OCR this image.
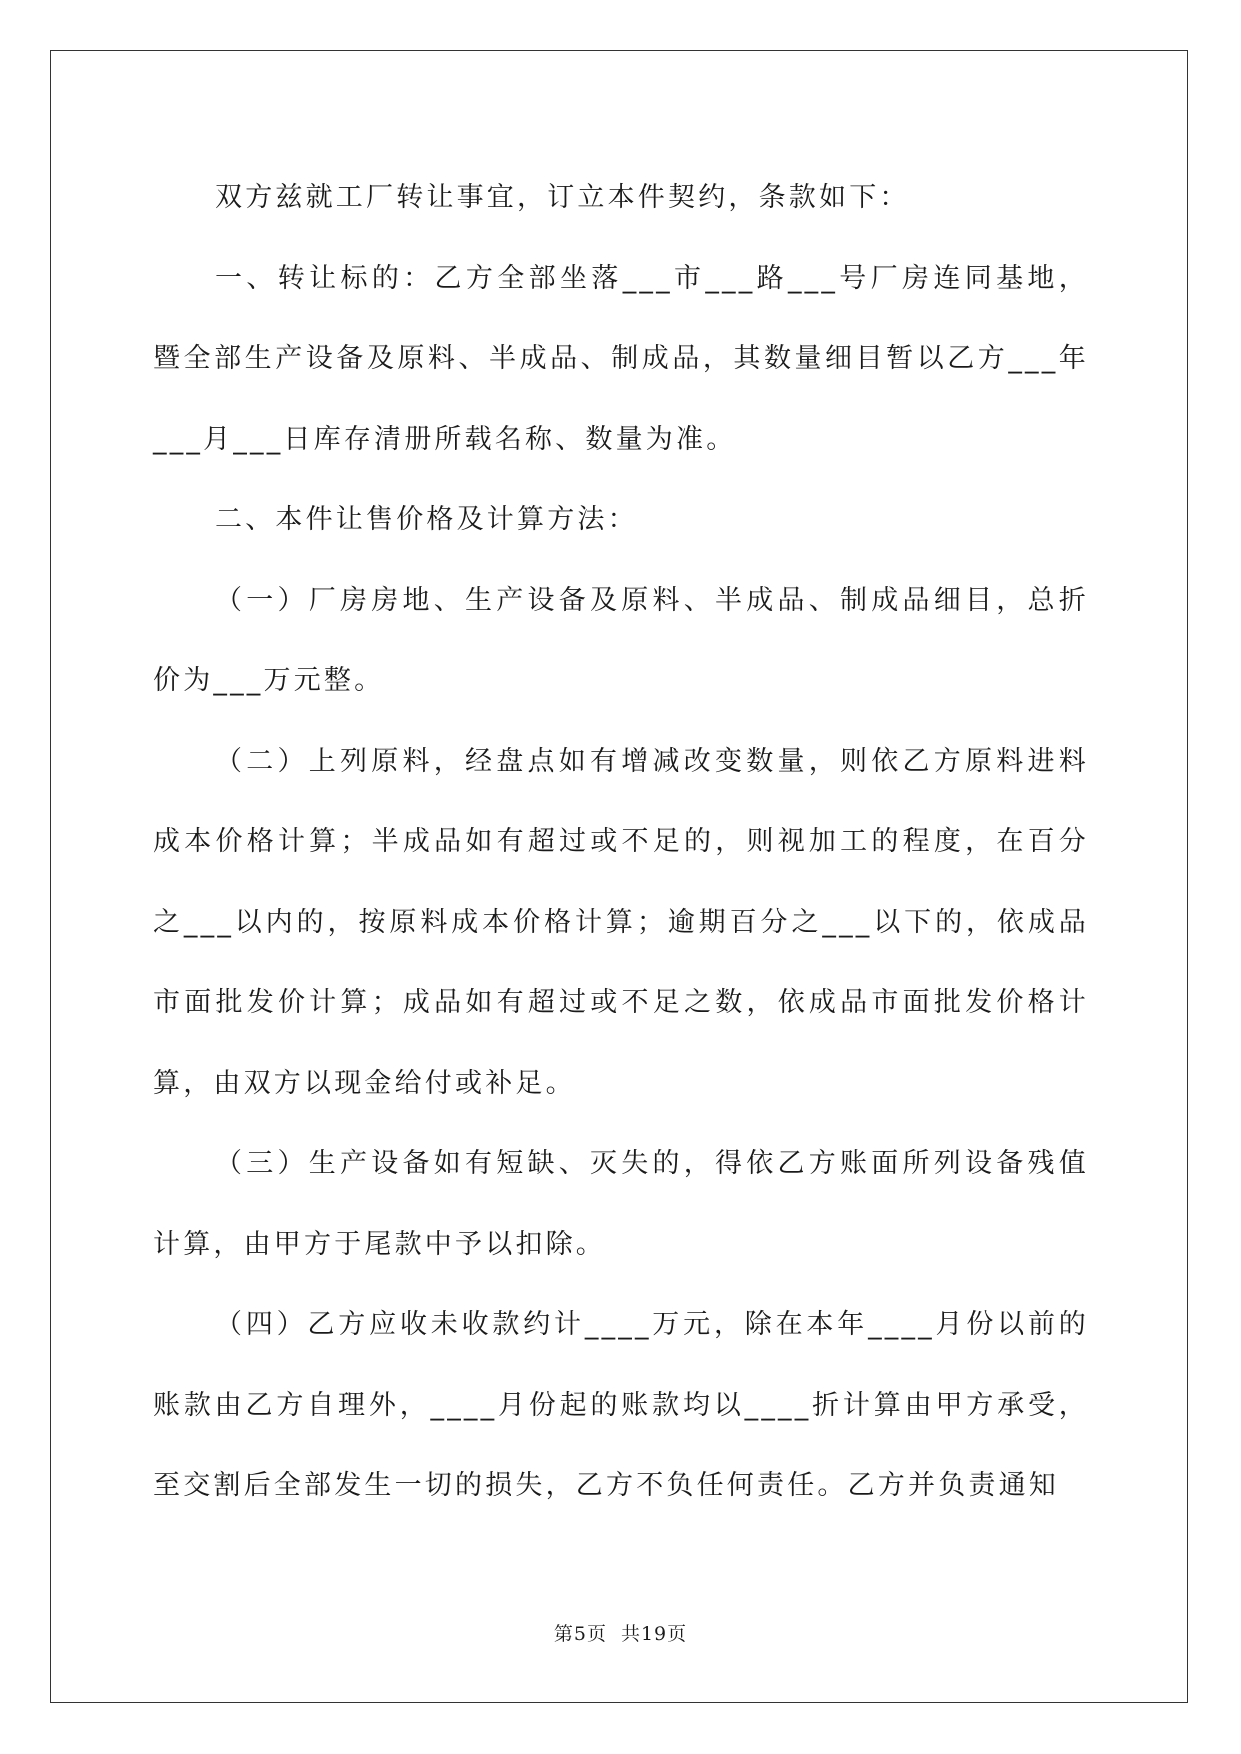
双方兹就工厂转让事宜，订立本件契约，条款如下：

一、转让标的：乙方全部坐落___市___路___号厂房连同基地，暨全部生产设备及原料、半成品、制成品，其数量细目暂以乙方___年___月___日库存清册所载名称、数量为准。

二、本件让售价格及计算方法：

（一）厂房房地、生产设备及原料、半成品、制成品细目，总折价为___万元整。

（二）上列原料，经盘点如有增减改变数量，则依乙方原料进料成本价格计算；半成品如有超过或不足的，则视加工的程度，在百分之___以内的，按原料成本价格计算；逾期百分之___以下的，依成品市面批发价计算；成品如有超过或不足之数，依成品市面批发价格计算，由双方以现金给付或补足。

（三）生产设备如有短缺、灭失的，得依乙方账面所列设备残值计算，由甲方于尾款中予以扣除。

（四）乙方应收未收款约计____万元，除在本年____月份以前的账款由乙方自理外，____月份起的账款均以____折计算由甲方承受，至交割后全部发生一切的损失，乙方不负任何责任。乙方并负责通知

第5页 共19页
